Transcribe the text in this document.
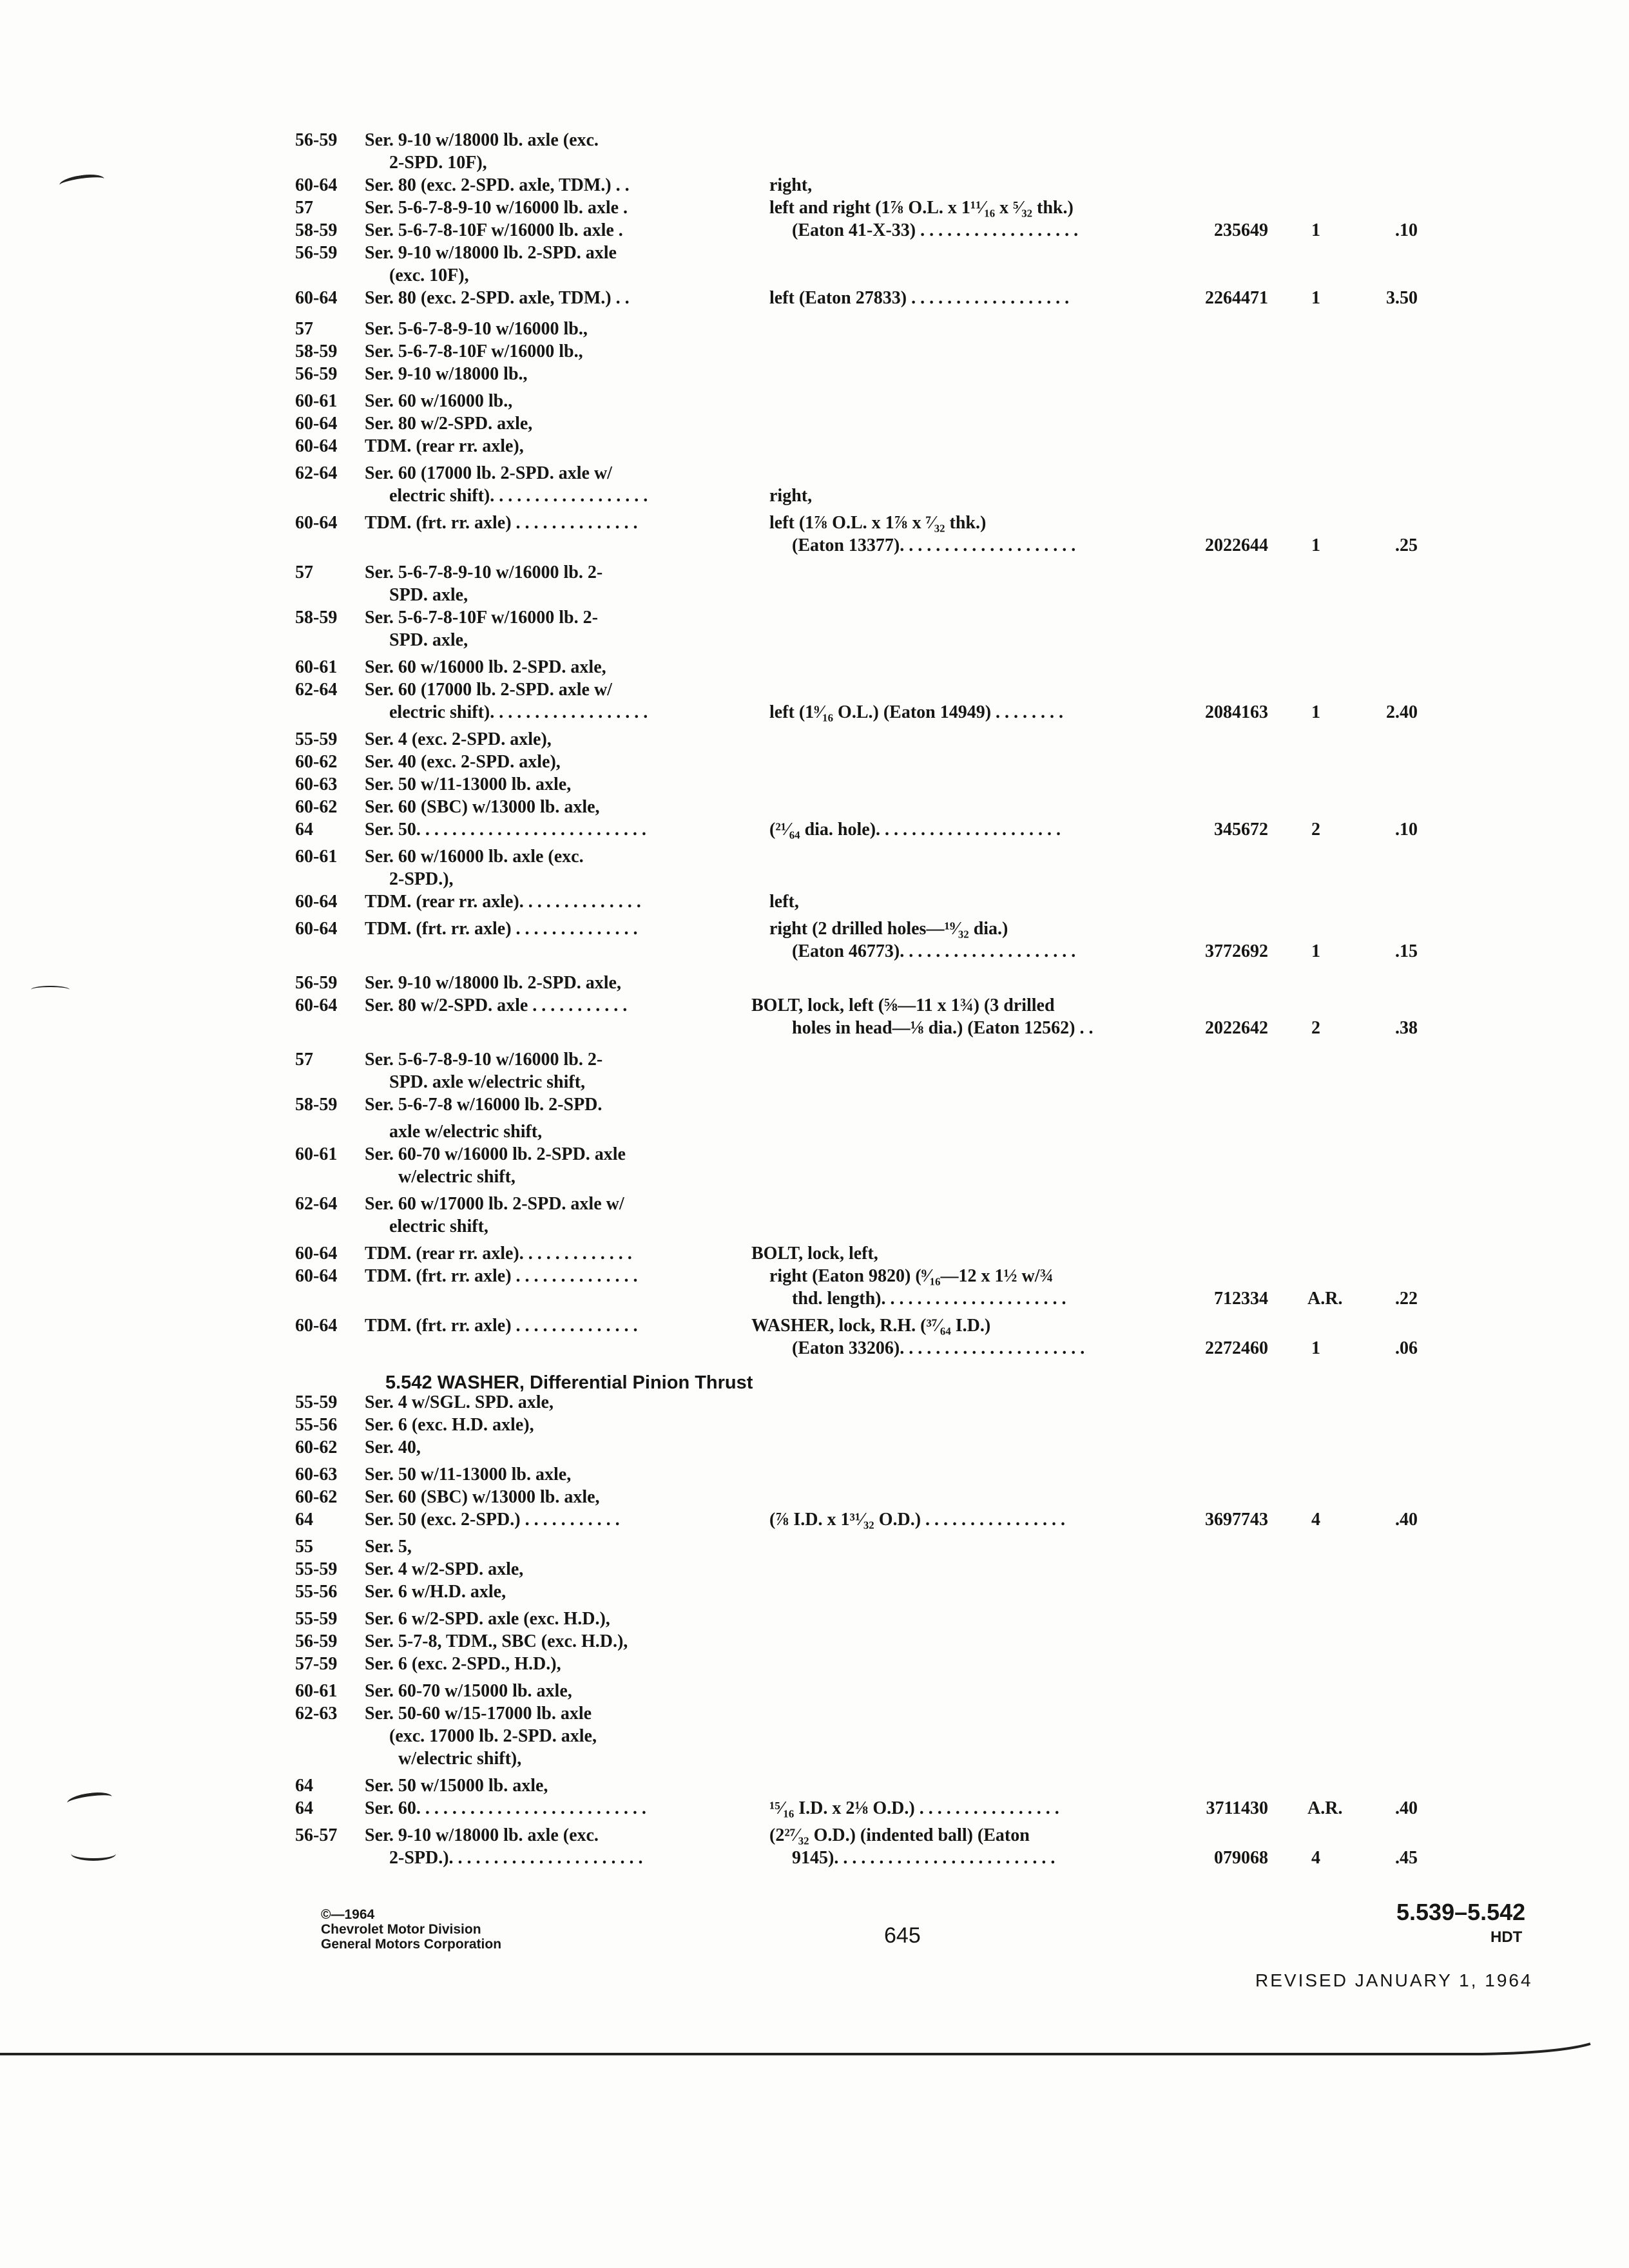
56-59 Ser. 9-10 w/18000 lb. axle (exc.
2-SPD. 10F),
60-64 Ser. 80 (exc. 2-SPD. axle, TDM.) . .	right,
57	Ser. 5-6-7-8-9-10 w/16000 lb. axle .	left and right (1⅞ O.L. x 1¹¹⁄₁₆ x ⁵⁄₃₂ thk.)
58-59 Ser. 5-6-7-8-10F w/16000 lb. axle .	(Eaton 41-X-33) . . . . . . . . . . . . . . . . . .	235649 1	.10
56-59 Ser. 9-10 w/18000 lb. 2-SPD. axle
(exc. 10F),
60-64 Ser. 80 (exc. 2-SPD. axle, TDM.) . .	left (Eaton 27833) . . . . . . . . . . . . . . . . . .	2264471 1	3.50
57	Ser. 5-6-7-8-9-10 w/16000 lb.,
58-59 Ser. 5-6-7-8-10F w/16000 lb.,
56-59 Ser. 9-10 w/18000 lb.,
60-61 Ser. 60 w/16000 lb.,
60-64 Ser. 80 w/2-SPD. axle,
60-64 TDM. (rear rr. axle),
62-64 Ser. 60 (17000 lb. 2-SPD. axle w/
electric shift). . . . . . . . . . . . . . . . . .	right,
60-64 TDM. (frt. rr. axle) . . . . . . . . . . . . . .	left (1⅞ O.L. x 1⅞ x ⁷⁄₃₂ thk.)
(Eaton 13377). . . . . . . . . . . . . . . . . . . .	2022644 1	.25
57	Ser. 5-6-7-8-9-10 w/16000 lb. 2-
SPD. axle,
58-59 Ser. 5-6-7-8-10F w/16000 lb. 2-
SPD. axle,
60-61 Ser. 60 w/16000 lb. 2-SPD. axle,
62-64 Ser. 60 (17000 lb. 2-SPD. axle w/
electric shift). . . . . . . . . . . . . . . . . .	left (1⁹⁄₁₆ O.L.) (Eaton 14949) . . . . . . . .	2084163 1	2.40
55-59 Ser. 4 (exc. 2-SPD. axle),
60-62 Ser. 40 (exc. 2-SPD. axle),
60-63 Ser. 50 w/11-13000 lb. axle,
60-62 Ser. 60 (SBC) w/13000 lb. axle,
64	Ser. 50. . . . . . . . . . . . . . . . . . . . . . . . . .	(²¹⁄₆₄ dia. hole). . . . . . . . . . . . . . . . . . . . .	345672 2	.10
60-61 Ser. 60 w/16000 lb. axle (exc.
2-SPD.),
60-64 TDM. (rear rr. axle). . . . . . . . . . . . . .	left,
60-64 TDM. (frt. rr. axle) . . . . . . . . . . . . . .	right (2 drilled holes—¹⁹⁄₃₂ dia.)
(Eaton 46773). . . . . . . . . . . . . . . . . . . .	3772692 1	.15
56-59 Ser. 9-10 w/18000 lb. 2-SPD. axle,
60-64 Ser. 80 w/2-SPD. axle . . . . . . . . . . .	BOLT, lock, left (⅝—11 x 1¾) (3 drilled
holes in head—⅛ dia.) (Eaton 12562) . .	2022642 2	.38
57	Ser. 5-6-7-8-9-10 w/16000 lb. 2-
SPD. axle w/electric shift,
58-59 Ser. 5-6-7-8 w/16000 lb. 2-SPD.
axle w/electric shift,
60-61 Ser. 60-70 w/16000 lb. 2-SPD. axle
w/electric shift,
62-64 Ser. 60 w/17000 lb. 2-SPD. axle w/
electric shift,
60-64 TDM. (rear rr. axle). . . . . . . . . . . . .	BOLT, lock, left,
60-64 TDM. (frt. rr. axle) . . . . . . . . . . . . . .	right (Eaton 9820) (⁹⁄₁₆—12 x 1½ w/¾
thd. length). . . . . . . . . . . . . . . . . . . . .	712334 A.R.	.22
60-64 TDM. (frt. rr. axle) . . . . . . . . . . . . . .	WASHER, lock, R.H. (³⁷⁄₆₄ I.D.)
(Eaton 33206). . . . . . . . . . . . . . . . . . . . .	2272460 1	.06
55-59 Ser. 4 w/SGL. SPD. axle,
55-56 Ser. 6 (exc. H.D. axle),
60-62 Ser. 40,
60-63 Ser. 50 w/11-13000 lb. axle,
60-62 Ser. 60 (SBC) w/13000 lb. axle,
64	Ser. 50 (exc. 2-SPD.) . . . . . . . . . . .	(⅞ I.D. x 1³¹⁄₃₂ O.D.) . . . . . . . . . . . . . . . .	3697743 4	.40
55	Ser. 5,
55-59 Ser. 4 w/2-SPD. axle,
55-56 Ser. 6 w/H.D. axle,
55-59 Ser. 6 w/2-SPD. axle (exc. H.D.),
56-59 Ser. 5-7-8, TDM., SBC (exc. H.D.),
57-59 Ser. 6 (exc. 2-SPD., H.D.),
60-61 Ser. 60-70 w/15000 lb. axle,
62-63 Ser. 50-60 w/15-17000 lb. axle
(exc. 17000 lb. 2-SPD. axle,
w/electric shift),
64	Ser. 50 w/15000 lb. axle,
64	Ser. 60. . . . . . . . . . . . . . . . . . . . . . . . . .	¹⁵⁄₁₆ I.D. x 2⅛ O.D.) . . . . . . . . . . . . . . . .	3711430 A.R.	.40
56-57 Ser. 9-10 w/18000 lb. axle (exc.	(2²⁷⁄₃₂ O.D.) (indented ball) (Eaton
2-SPD.). . . . . . . . . . . . . . . . . . . . . .	9145). . . . . . . . . . . . . . . . . . . . . . . . .	079068 4	.45
5.542 WASHER, Differential Pinion Thrust
©—1964
Chevrolet Motor Division
General Motors Corporation	645
5.539–5.542
HDT
REVISED JANUARY 1, 1964
